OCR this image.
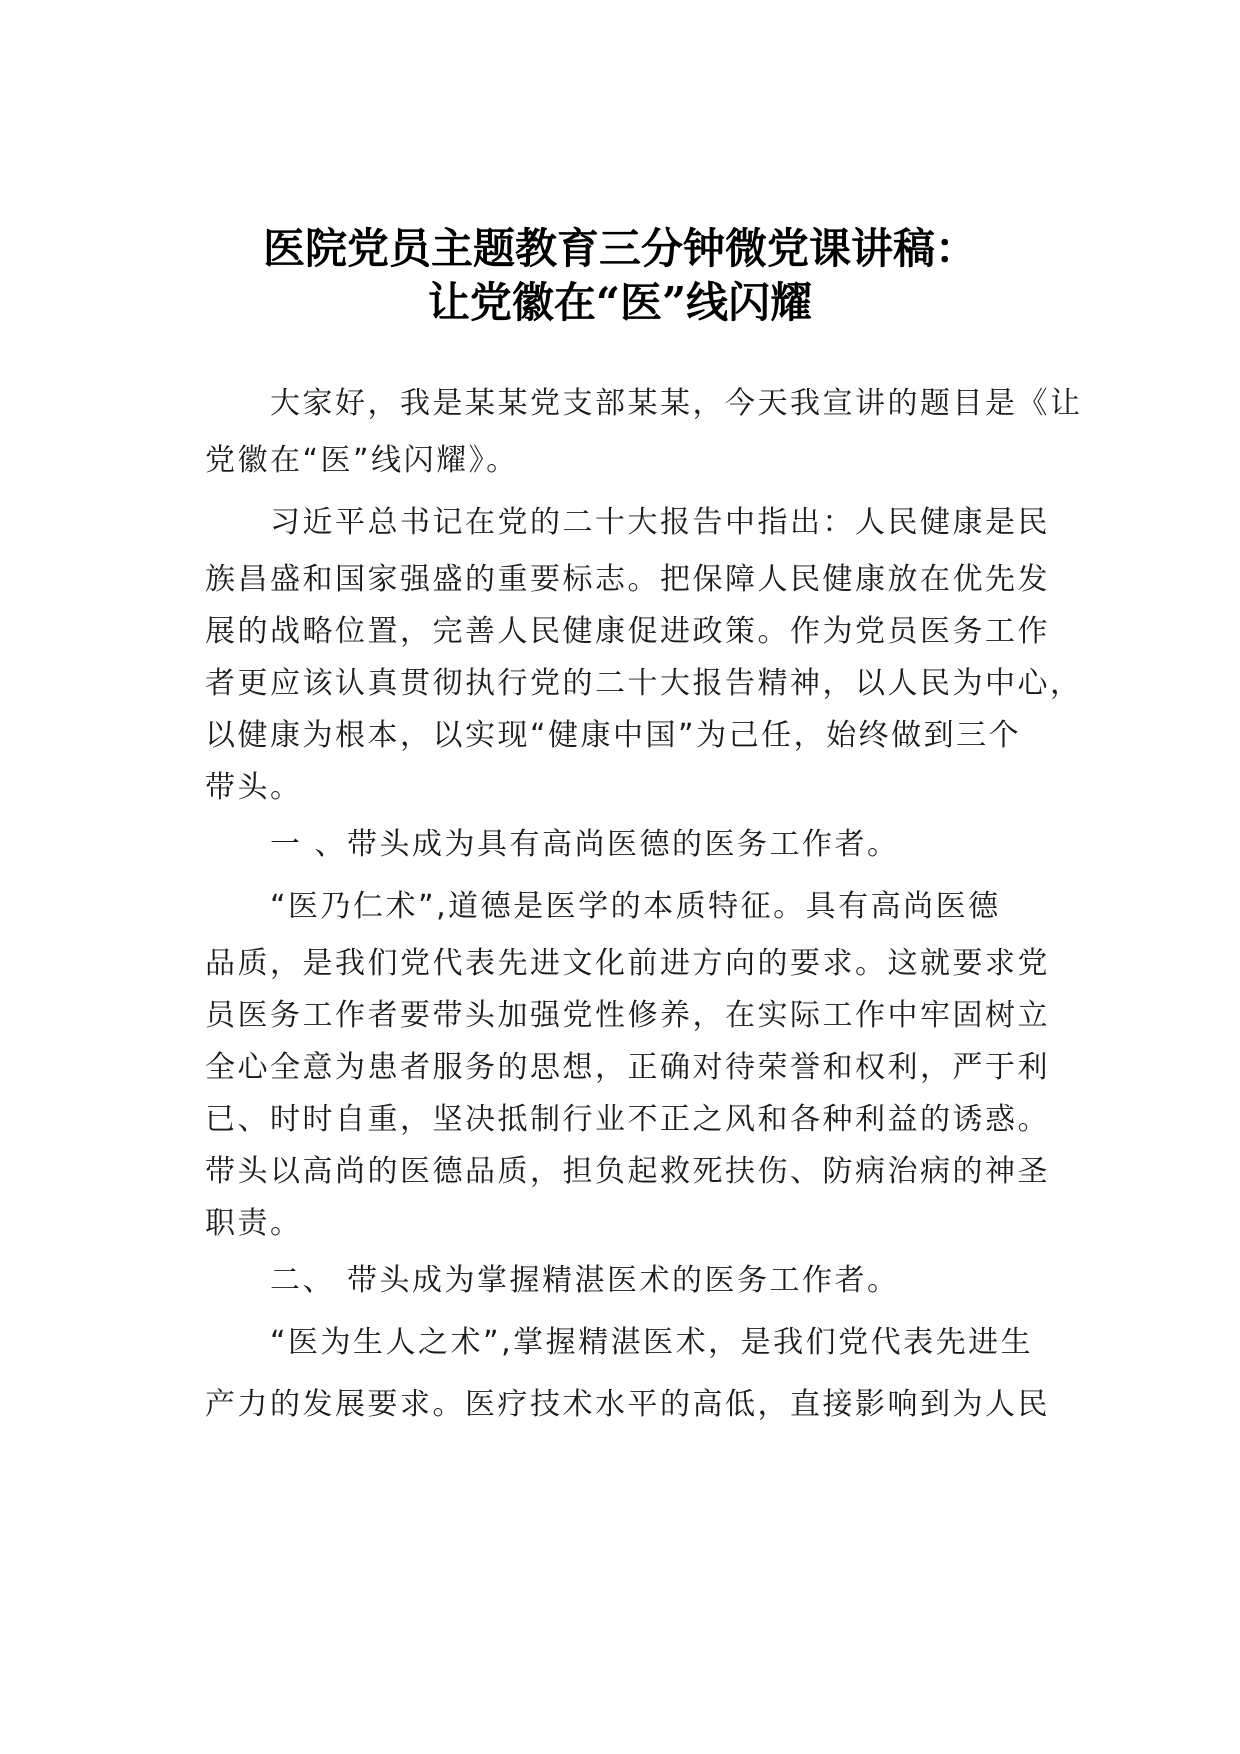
医院党员主题教育三分钟微党课讲稿：
让党徽在“医”线闪耀

大家好，我是某某党支部某某，今天我宣讲的题目是《让

党徽在“医”线闪耀》。

习近平总书记在党的二十大报告中指出：人民健康是民

族昌盛和国家强盛的重要标志。把保障人民健康放在优先发

展的战略位置，完善人民健康促进政策。作为党员医务工作

者更应该认真贯彻执行党的二十大报告精神，以人民为中心，

以健康为根本，以实现“健康中国”为己任，始终做到三个

带头。

一 、带头成为具有高尚医德的医务工作者。

“医乃仁术”,道德是医学的本质特征。具有高尚医德

品质，是我们党代表先进文化前进方向的要求。这就要求党

员医务工作者要带头加强党性修养，在实际工作中牢固树立

全心全意为患者服务的思想，正确对待荣誉和权利，严于利

已、时时自重，坚决抵制行业不正之风和各种利益的诱惑。

带头以高尚的医德品质，担负起救死扶伤、防病治病的神圣

职责。

二、 带头成为掌握精湛医术的医务工作者。

“医为生人之术”,掌握精湛医术，是我们党代表先进生

产力的发展要求。医疗技术水平的高低，直接影响到为人民
